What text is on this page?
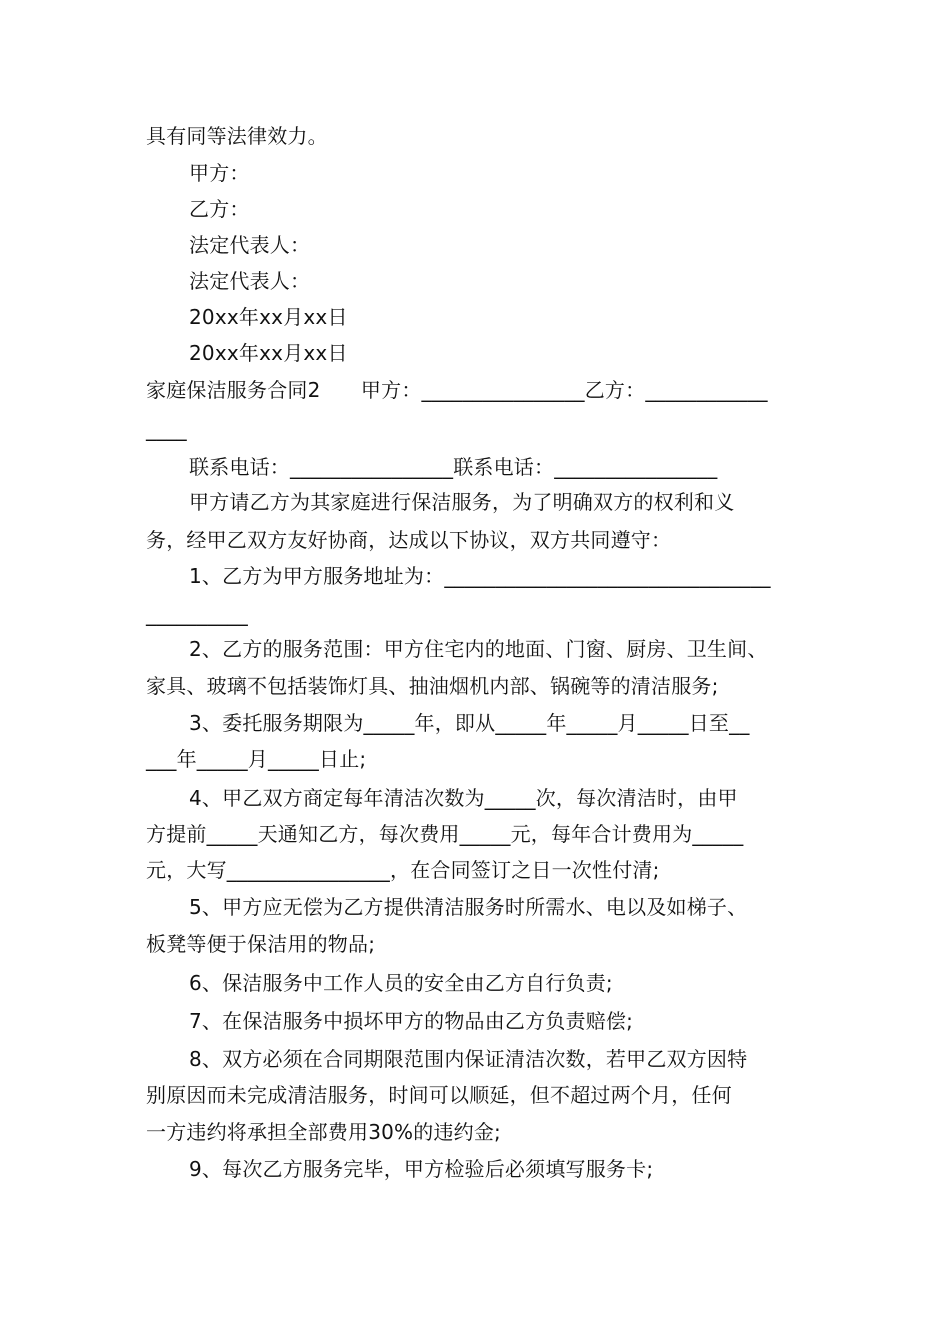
具有同等法律效力。
甲方：
乙方：
法定代表人：
法定代表人：
20xx年xx月xx日
20xx年xx月xx日
家庭保洁服务合同2　　甲方：________________乙方：____________
____
联系电话：________________联系电话：________________
甲方请乙方为其家庭进行保洁服务，为了明确双方的权利和义
务，经甲乙双方友好协商，达成以下协议，双方共同遵守：
1、乙方为甲方服务地址为：________________________________
__________
2、乙方的服务范围：甲方住宅内的地面、门窗、厨房、卫生间、
家具、玻璃不包括装饰灯具、抽油烟机内部、锅碗等的清洁服务;
3、委托服务期限为_____年，即从_____年_____月_____日至__
___年_____月_____日止;
4、甲乙双方商定每年清洁次数为_____次，每次清洁时，由甲
方提前_____天通知乙方，每次费用_____元，每年合计费用为_____
元，大写________________，在合同签订之日一次性付清;
5、甲方应无偿为乙方提供清洁服务时所需水、电以及如梯子、
板凳等便于保洁用的物品;
6、保洁服务中工作人员的安全由乙方自行负责;
7、在保洁服务中损坏甲方的物品由乙方负责赔偿;
8、双方必须在合同期限范围内保证清洁次数，若甲乙双方因特
别原因而未完成清洁服务，时间可以顺延，但不超过两个月，任何
一方违约将承担全部费用30%的违约金;
9、每次乙方服务完毕，甲方检验后必须填写服务卡;
